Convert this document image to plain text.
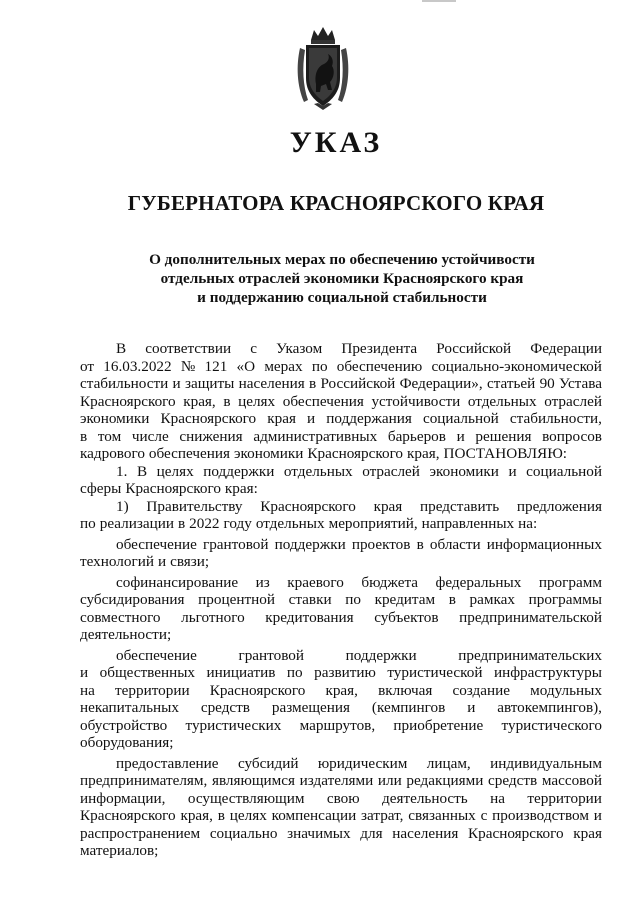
УКАЗ
ГУБЕРНАТОРА КРАСНОЯРСКОГО КРАЯ
О дополнительных мерах по обеспечению устойчивости
отдельных отраслей экономики Красноярского края
и поддержанию социальной стабильности
В соответствии с Указом Президента Российской Федерации
от 16.03.2022 № 121 «О мерах по обеспечению социально-экономической
стабильности и защиты населения в Российской Федерации», статьей 90 Устава
Красноярского края, в целях обеспечения устойчивости отдельных отраслей
экономики Красноярского края и поддержания социальной стабильности,
в том числе снижения административных барьеров и решения вопросов
кадрового обеспечения экономики Красноярского края, ПОСТАНОВЛЯЮ:
1. В целях поддержки отдельных отраслей экономики и социальной
сферы Красноярского края:
1) Правительству Красноярского края представить предложения
по реализации в 2022 году отдельных мероприятий, направленных на:
обеспечение грантовой поддержки проектов в области информационных
технологий и связи;
софинансирование из краевого бюджета федеральных программ
субсидирования процентной ставки по кредитам в рамках программы
совместного льготного кредитования субъектов предпринимательской
деятельности;
обеспечение	грантовой	поддержки	предпринимательских
и общественных инициатив по развитию туристической инфраструктуры
на территории Красноярского края, включая создание модульных
некапитальных средств размещения (кемпингов и автокемпингов),
обустройство туристических маршрутов, приобретение туристического
оборудования;
предоставление субсидий юридическим лицам, индивидуальным
предпринимателям, являющимся издателями или редакциями средств массовой
информации, осуществляющим свою деятельность на территории
Красноярского края, в целях компенсации затрат, связанных с производством и
распространением социально значимых для населения Красноярского края
материалов;
